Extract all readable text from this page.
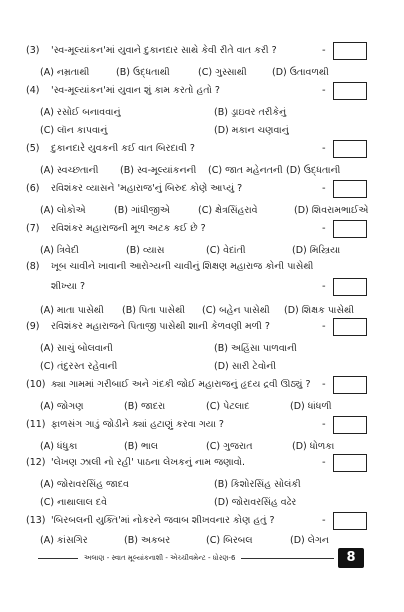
(3) 'સ્વ-મૂલ્યાંકન'માં યુવાને દુકાનદાર સાથે કેવી રીતે વાત કરી ?	-
(A) નમ્રતાથી	(B) ઉદ્ધતાથી	(C) ગુસ્સાથી	(D) ઉતાવળથી
(4) 'સ્વ-મૂલ્યાંકન'માં યુવાન શું કામ કરતો હતો ?	-
(A) રસોઈ બનાવવાનું	(B) ડ્રાઇવર તરીકેનું
(C) લૉન કાપવાનું	(D) મકાન ચણવાનું
(5) દુકાનદારે યુવકની કઈ વાત બિરદાવી ?	-
(A) સ્વચ્છતાની (B) સ્વ-મૂલ્યાંકનની (C) જાત મહેનતની (D) ઉદ્ધતાની
(6) રવિશંકર વ્યાસને 'મહારાજ'નું બિરુદ કોણે આપ્યું ?	-
(A) લોકોએ	(B) ગાંધીજીએ	(C) ક્ષેત્રસિંહરાવે	(D) શિવરામભાઈએ
(7) રવિશંકર મહારાજની મૂળ અટક કઈ છે ?	-
(A) ત્રિવેદી	(B) વ્યાસ	(C) વેદાંતી	(D) મિસ્ત્રિયા
(8) ખૂબ ચાવીને ખાવાની આરોગ્યની ચાવીનું શિક્ષણ મહારાજ કોની પાસેથી
શીખ્યા ?	-
(A) માતા પાસેથી (B) પિતા પાસેથી (C) બહેન પાસેથી (D) શિક્ષક પાસેથી
(9) રવિશંકર મહારાજને પિતાજી પાસેથી શાની કેળવણી મળી ?	-
(A) સાચું બોલવાની	(B) અહિંસા પાળવાની
(C) તંદુરસ્ત રહેવાની	(D) સારી ટેવોની
(10) ક્યા ગામમાં ગરીબાઈ અને ગંદકી જોઈ મહારાજનું હૃદય દ્રવી ઊઠ્યું ? -
(A) જોગણ	(B) જાદરા	(C) પેટલાદ	(D) ધાંધળી
(11) ફાળસંગ ગાડું જોડીને ક્યાં હટાણું કરવા ગયા ?	-
(A) ધંધુકા	(B) ભાલ	(C) ગુજરાત	(D) ધોળકા
(12) 'લેખણ ઝાલી નો રહી' પાઠના લેખકનું નામ જણાવો.	-
(A) જોરાવરસિંહ જાદવ	(B) કિશોરસિંહ સોલંકી
(C) નાથાલાલ દવે	(D) જોરાવરસિંહ વઢેર
(13) 'બિરબલની યુક્તિ'માં નોકરને જવાબ શીખવનાર કોણ હતું ?	-
(A) કાંસગિર	(B) અકબર	(C) બિરબલ	(D) લેગન
અલાણ - સ્વાત મૂલ્યાંકનાશી - એચ્ચીવમેન્ટ - ધોરણ-6	8
